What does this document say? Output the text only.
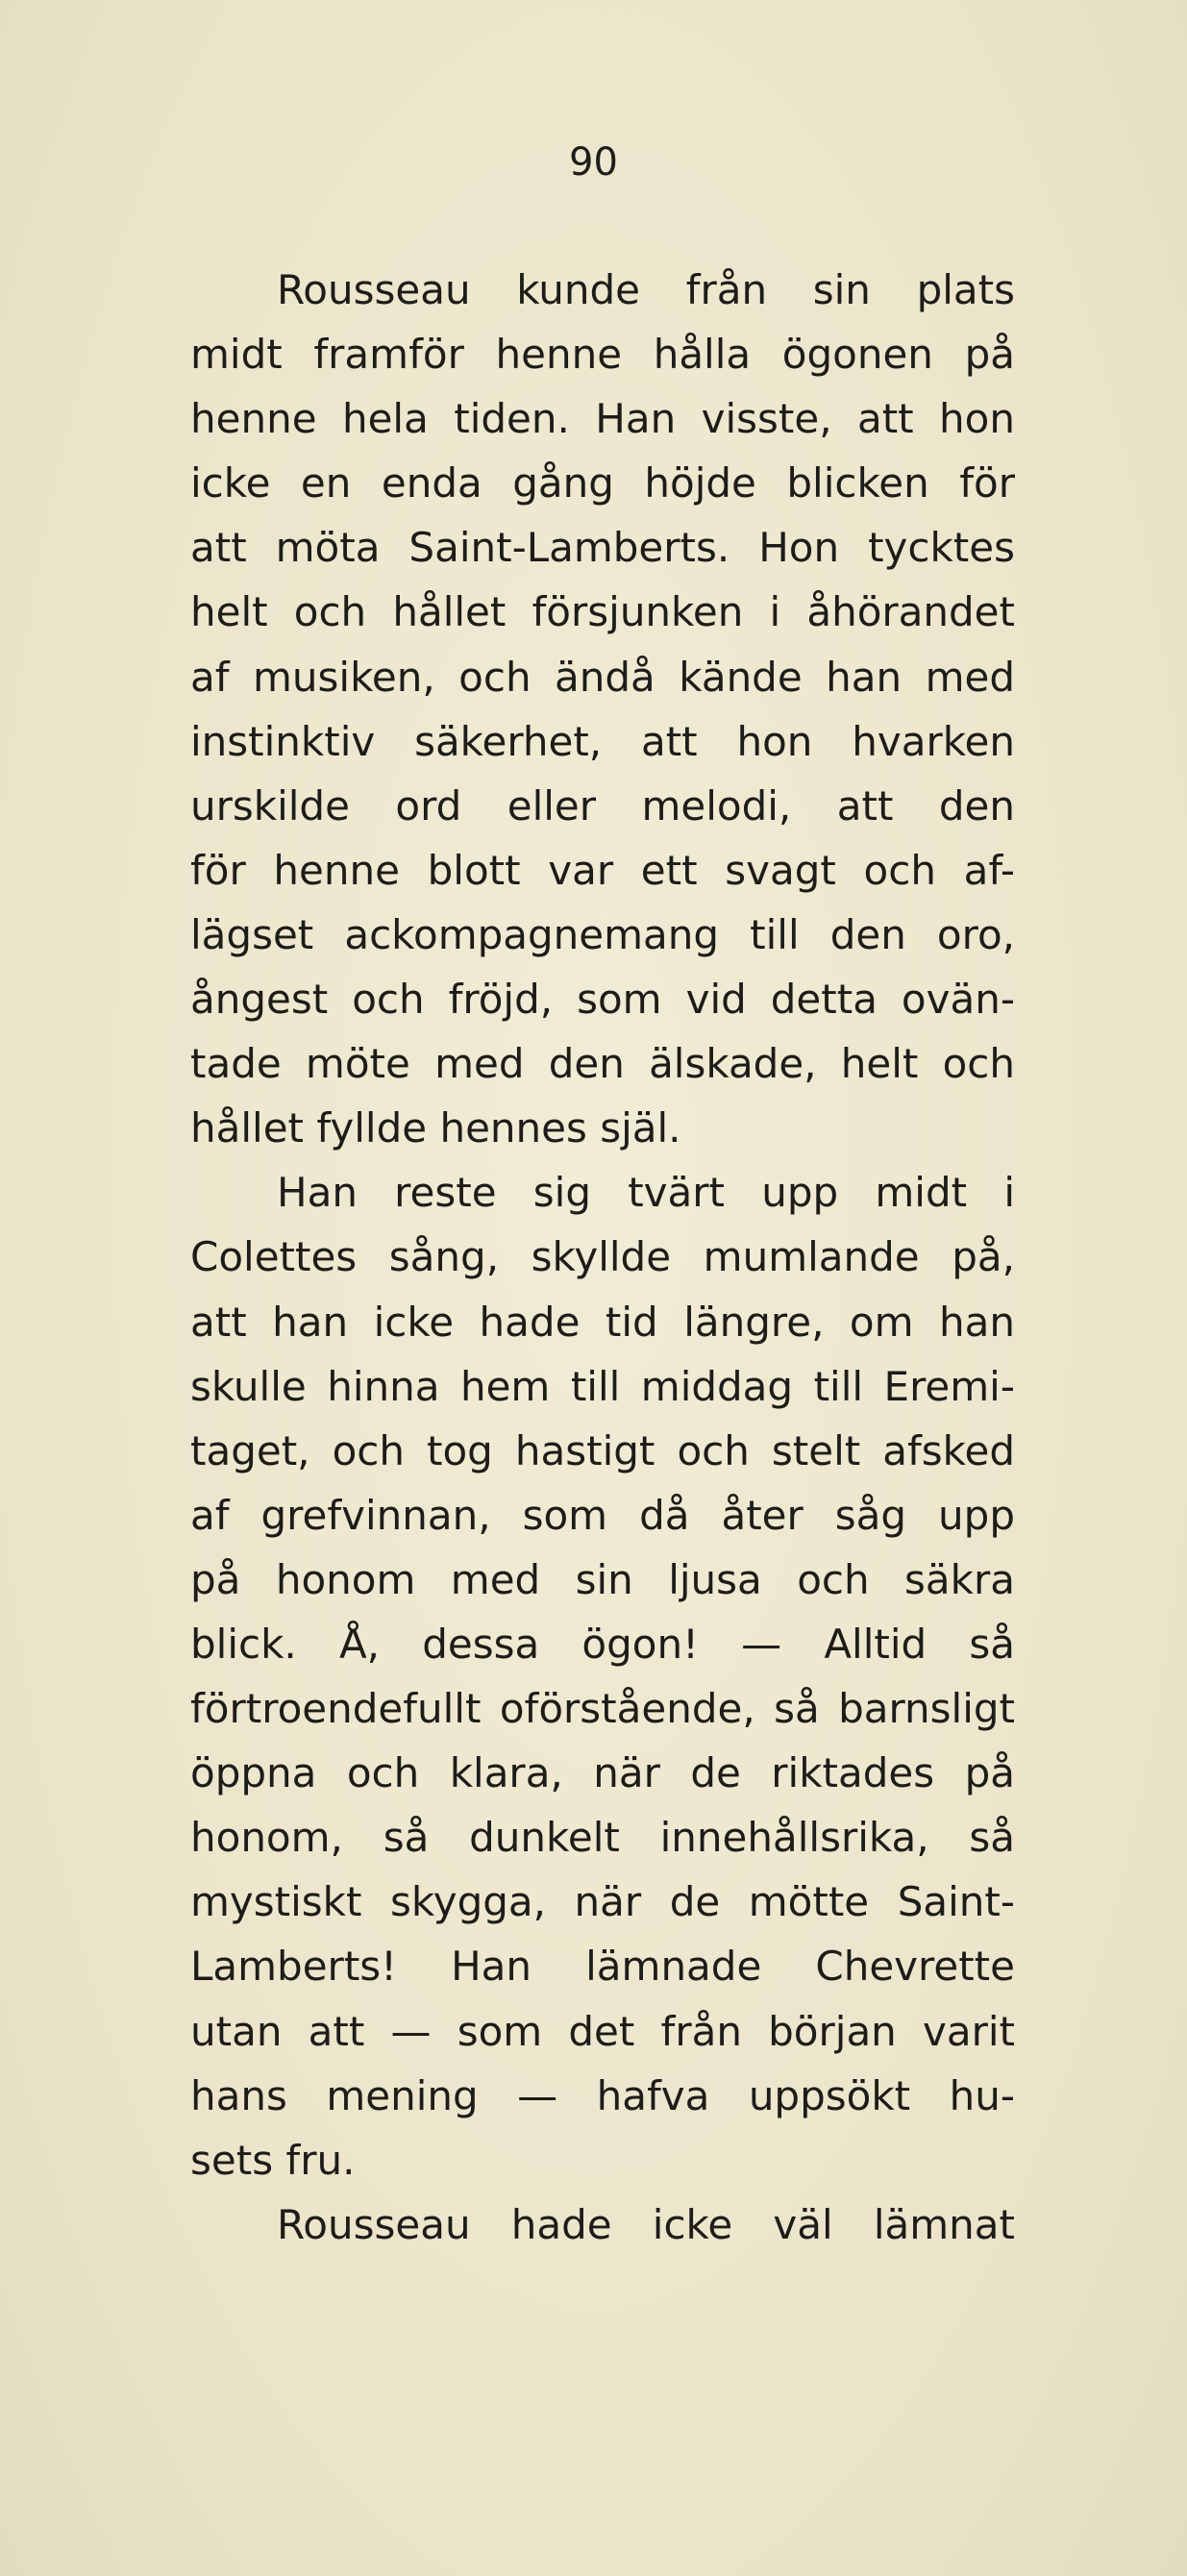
90
Rousseau kunde från sin plats
midt framför henne hålla ögonen på
henne hela tiden. Han visste, att hon
icke en enda gång höjde blicken för
att möta Saint-Lamberts. Hon tycktes
helt och hållet försjunken i åhörandet
af musiken, och ändå kände han med
instinktiv säkerhet, att hon hvarken
urskilde ord eller melodi, att den
för henne blott var ett svagt och af-
lägset ackompagnemang till den oro,
ångest och fröjd, som vid detta ovän-
tade möte med den älskade, helt och
hållet fyllde hennes själ.
Han reste sig tvärt upp midt i
Colettes sång, skyllde mumlande på,
att han icke hade tid längre, om han
skulle hinna hem till middag till Eremi-
taget, och tog hastigt och stelt afsked
af grefvinnan, som då åter såg upp
på honom med sin ljusa och säkra
blick. Å, dessa ögon! — Alltid så
förtroendefullt oförstående, så barnsligt
öppna och klara, när de riktades på
honom, så dunkelt innehållsrika, så
mystiskt skygga, när de mötte Saint-
Lamberts! Han lämnade Chevrette
utan att — som det från början varit
hans mening — hafva uppsökt hu-
sets fru.
Rousseau hade icke väl lämnat
